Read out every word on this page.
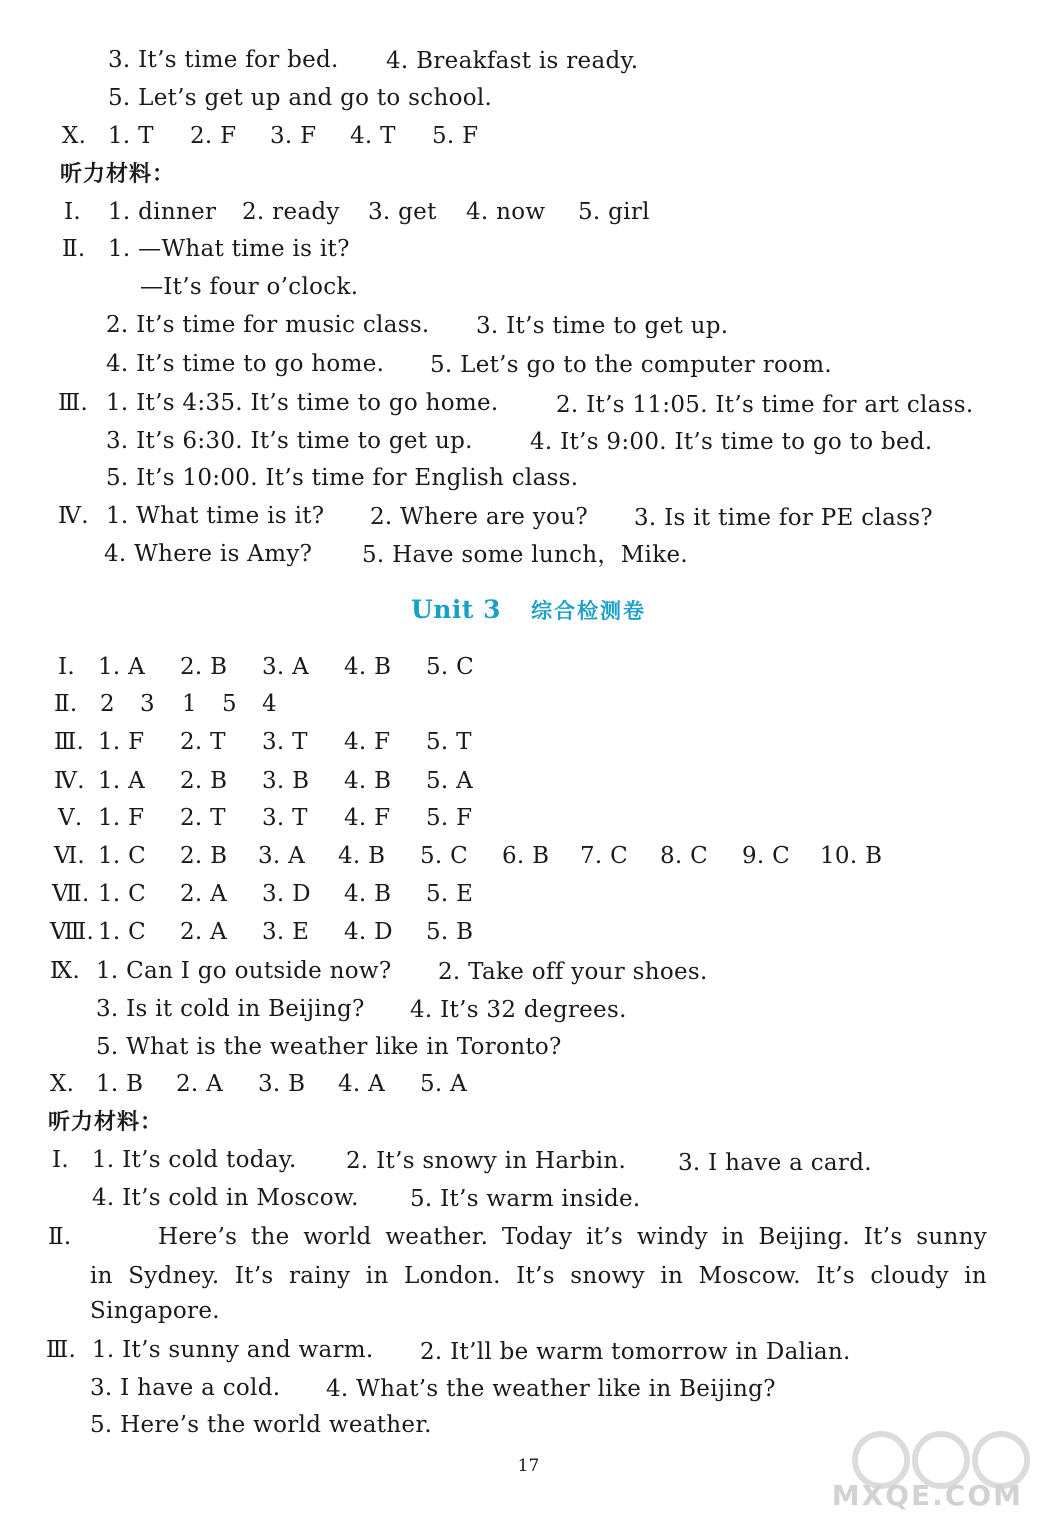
3. It’s time for bed. 4. Breakfast is ready.
5. Let’s get up and go to school.
Ⅹ. 1. T 2. F 3. F 4. T 5. F
听力材料：
Ⅰ. 1. dinner 2. ready 3. get 4. now 5. girl
Ⅱ. 1. —What time is it?
—It’s four o’clock.
2. It’s time for music class. 3. It’s time to get up.
4. It’s time to go home. 5. Let’s go to the computer room.
Ⅲ. 1. It’s 4:35. It’s time to go home. 2. It’s 11:05. It’s time for art class.
3. It’s 6:30. It’s time to get up. 4. It’s 9:00. It’s time to go to bed.
5. It’s 10:00. It’s time for English class.
Ⅳ. 1. What time is it? 2. Where are you? 3. Is it time for PE class?
4. Where is Amy? 5. Have some lunch，Mike.
Unit 3 综合检测卷
Ⅰ. 1. A 2. B 3. A 4. B 5. C
Ⅱ. 2 3 1 5 4
Ⅲ. 1. F 2. T 3. T 4. F 5. T
Ⅳ. 1. A 2. B 3. B 4. B 5. A
Ⅴ. 1. F 2. T 3. T 4. F 5. F
Ⅵ. 1. C 2. B 3. A 4. B 5. C 6. B 7. C 8. C 9. C 10. B
Ⅶ. 1. C 2. A 3. D 4. B 5. E
Ⅷ. 1. C 2. A 3. E 4. D 5. B
Ⅸ. 1. Can I go outside now? 2. Take off your shoes.
3. Is it cold in Beijing? 4. It’s 32 degrees.
5. What is the weather like in Toronto?
Ⅹ. 1. B 2. A 3. B 4. A 5. A
听力材料：
Ⅰ. 1. It’s cold today. 2. It’s snowy in Harbin. 3. I have a card.
4. It’s cold in Moscow. 5. It’s warm inside.
Ⅱ.	Here’s the world weather. Today it’s windy in Beijing. It’s sunny
in Sydney. It’s rainy in London. It’s snowy in Moscow. It’s cloudy in
Singapore.
Ⅲ. 1. It’s sunny and warm. 2. It’ll be warm tomorrow in Dalian.
3. I have a cold. 4. What’s the weather like in Beijing?
5. Here’s the world weather.
17
MXQE.COM
